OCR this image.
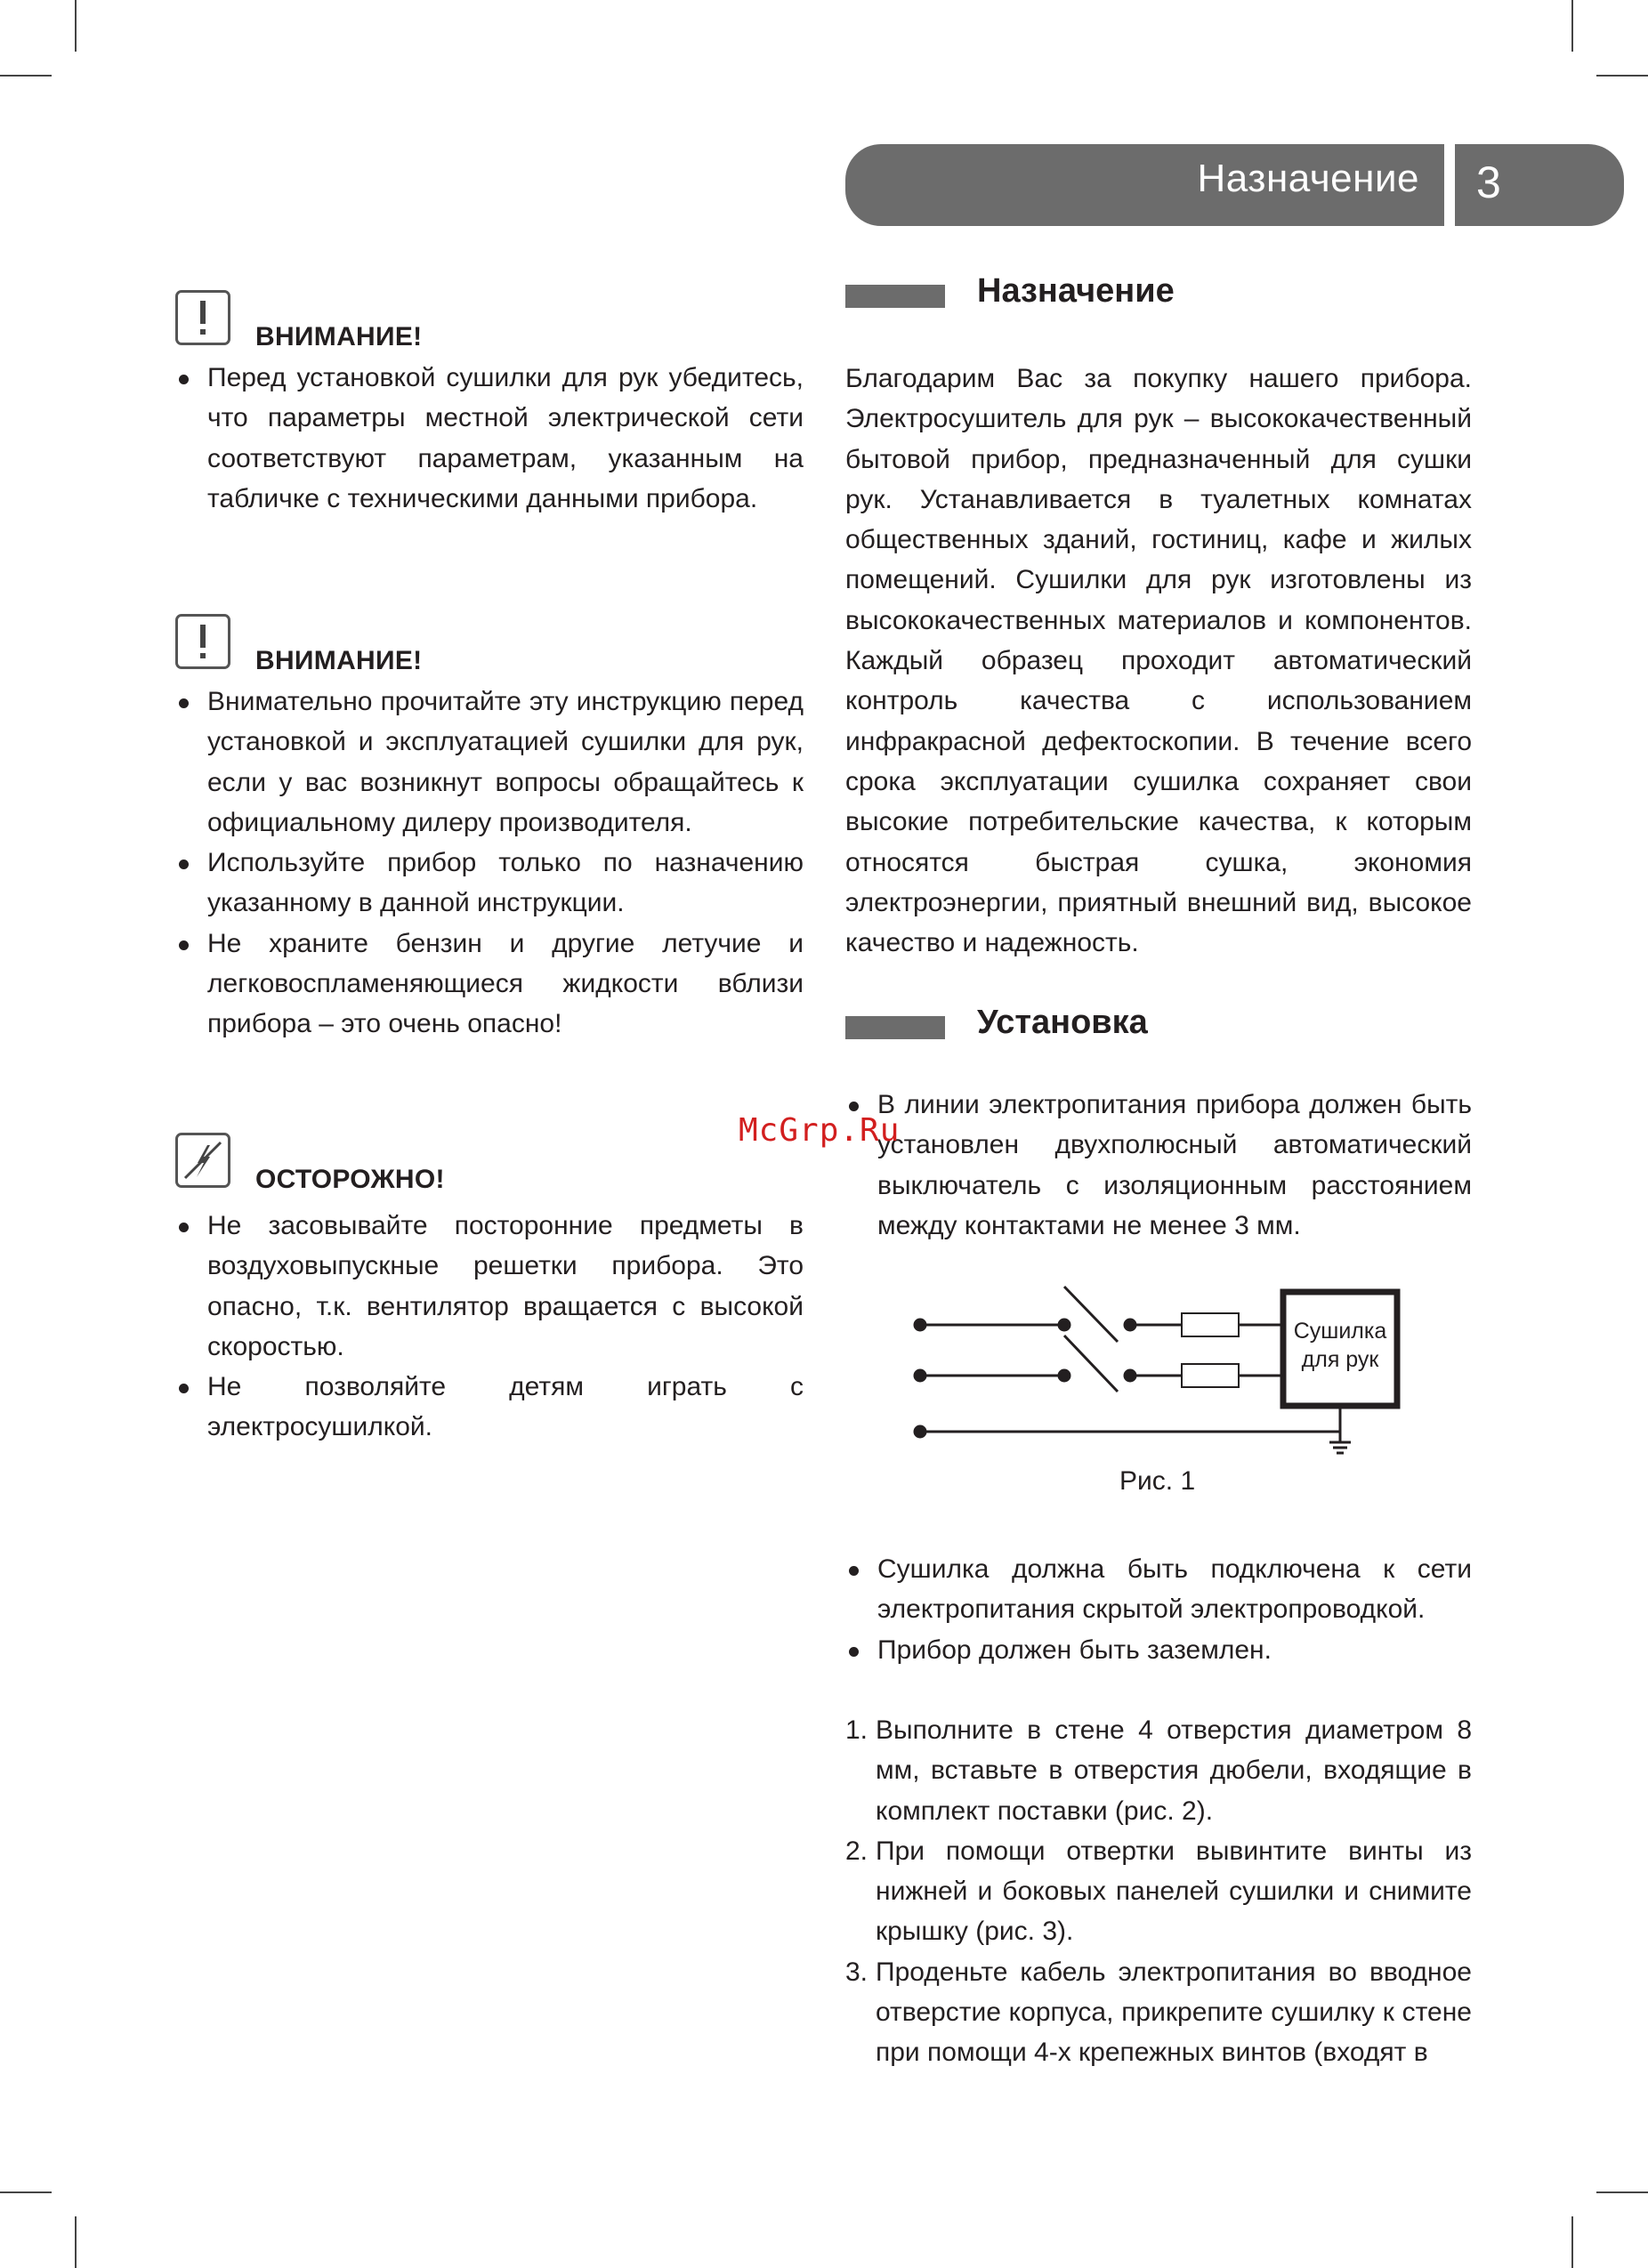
Назначение 3
ВНИМАНИЕ!
Перед установкой сушилки для рук убедитесь, что параметры местной электрической сети соответствуют параметрам, указанным на табличке с техническими данными прибора.
ВНИМАНИЕ!
Внимательно прочитайте эту инструкцию перед установкой и эксплуатацией сушилки для рук, если у вас возникнут вопросы обращайтесь к официальному дилеру производителя.
Используйте прибор только по назначению указанному в данной инструкции.
Не храните бензин и другие летучие и легковоспламеняющиеся жидкости вблизи прибора – это очень опасно!
ОСТОРОЖНО!
Не засовывайте посторонние предметы в воздуховыпускные решетки прибора. Это опасно, т.к. вентилятор вращается с высокой скоростью.
Не позволяйте детям играть с электросушилкой.
Назначение

Благодарим Вас за покупку нашего прибора. Электросушитель для рук – высококачественный бытовой прибор, предназначенный для сушки рук. Устанавливается в туалетных комнатах общественных зданий, гостиниц, кафе и жилых помещений. Сушилки для рук изготовлены из высококачественных материалов и компонентов. Каждый образец проходит автоматический контроль качества с использованием инфракрасной дефектоскопии. В течение всего срока эксплуатации сушилка сохраняет свои высокие потребительские качества, к которым относятся быстрая сушка, экономия электроэнергии, приятный внешний вид, высокое качество и надежность.

Установка
В линии электропитания прибора должен быть установлен двухполюсный автоматический выключатель с изоляционным расстоянием между контактами не менее 3 мм.
Сушилка должна быть подключена к сети электропитания скрытой электропроводкой.
Прибор должен быть заземлен.
1. Выполните в стене 4 отверстия диаметром 8 мм, вставьте в отверстия дюбели, входящие в комплект поставки (рис. 2).
2. При помощи отвертки вывинтите винты из нижней и боковых панелей сушилки и снимите крышку (рис. 3).
3. Проденьте кабель электропитания во вводное отверстие корпуса, прикрепите сушилку к стене при помощи 4-х крепежных винтов (входят в
Сушилка
для рук
Рис. 1
McGrp.Ru
